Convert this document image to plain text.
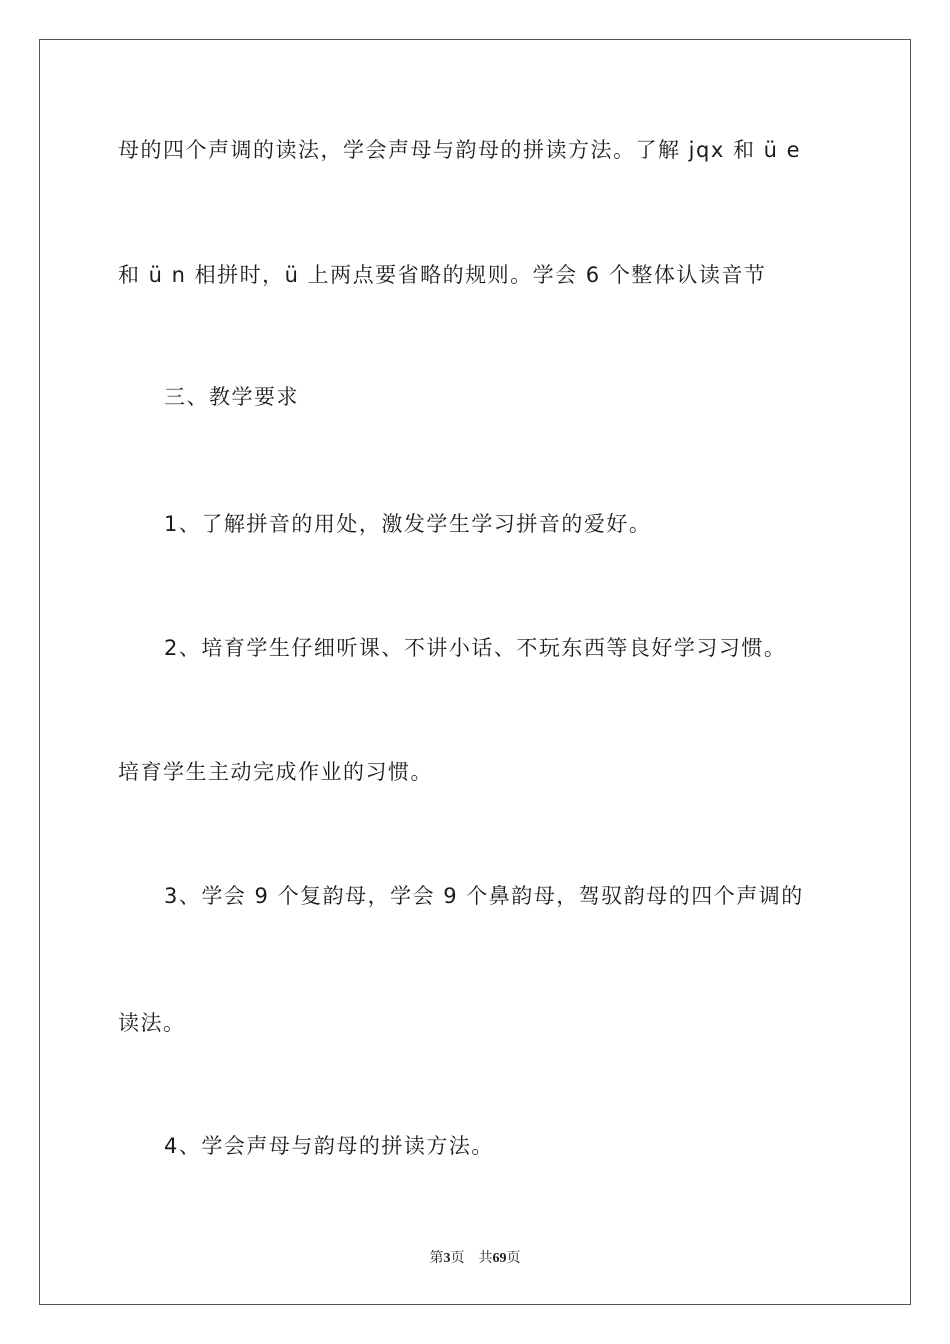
母的四个声调的读法，学会声母与韵母的拼读方法。了解 jqx 和 ü e
和 ü n 相拼时，ü 上两点要省略的规则。学会 6 个整体认读音节
三、教学要求
1、了解拼音的用处，激发学生学习拼音的爱好。
2、培育学生仔细听课、不讲小话、不玩东西等良好学习习惯。
培育学生主动完成作业的习惯。
3、学会 9 个复韵母，学会 9 个鼻韵母，驾驭韵母的四个声调的
读法。
4、学会声母与韵母的拼读方法。
第3页 共69页
